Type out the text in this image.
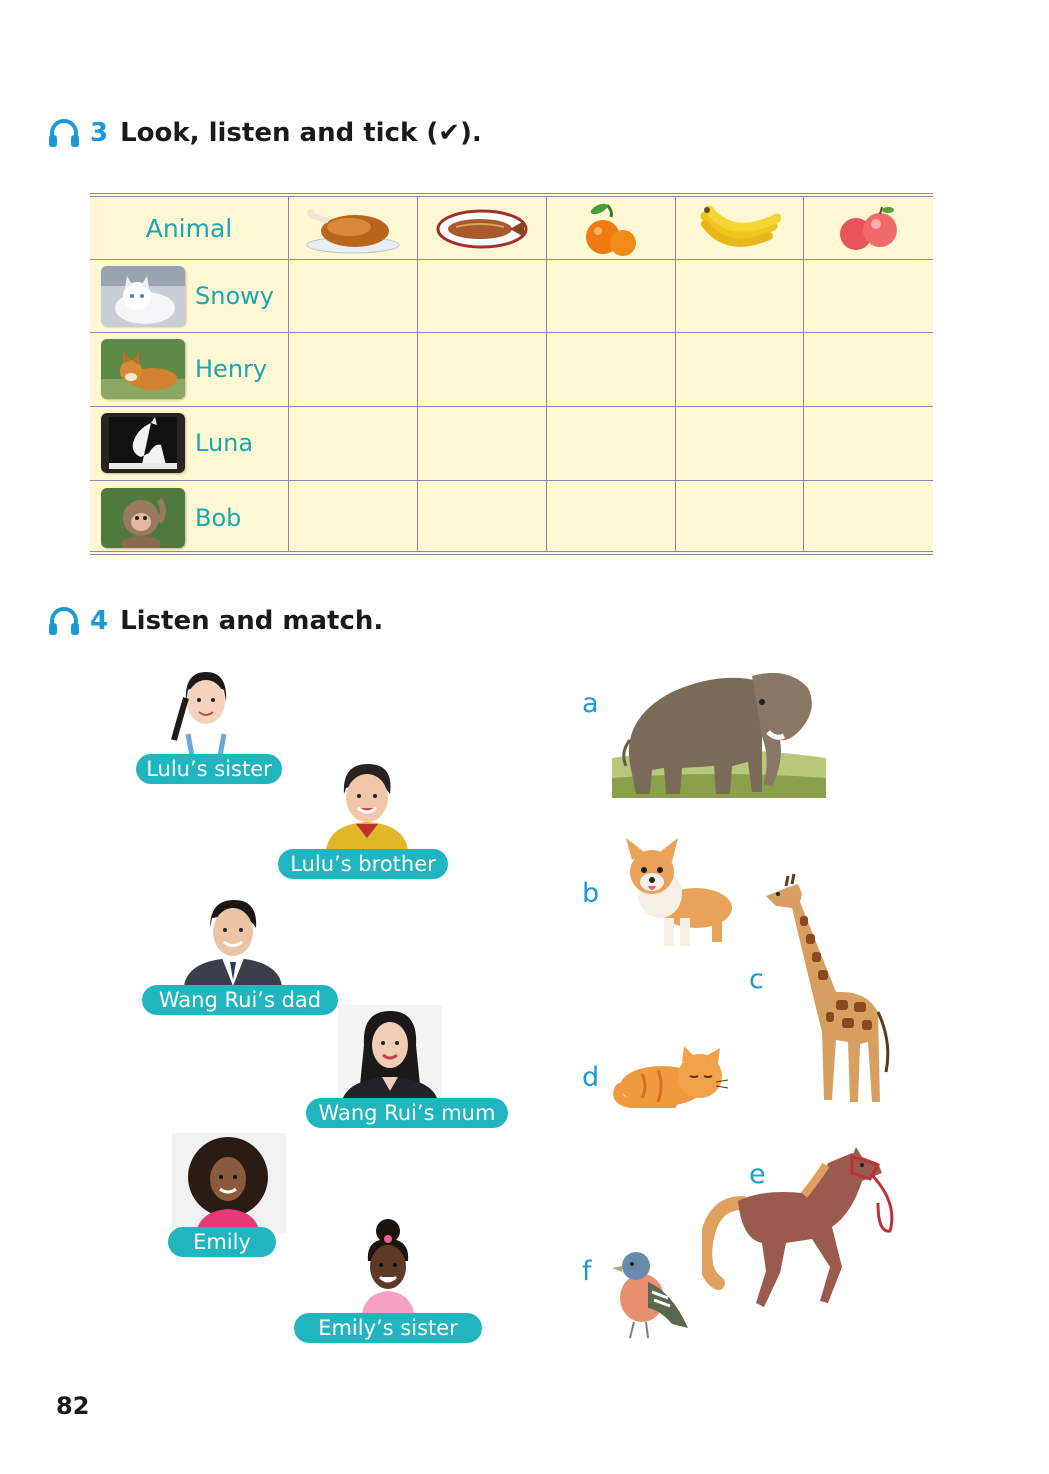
3 Look, listen and tick (✔).
Animal
Snowy
Henry
Luna
Bob
4 Listen and match.
Lulu’s sister
Lulu’s brother
Wang Rui’s dad
Wang Rui’s mum
Emily
Emily’s sister
a
b
c
d
e
f
82
